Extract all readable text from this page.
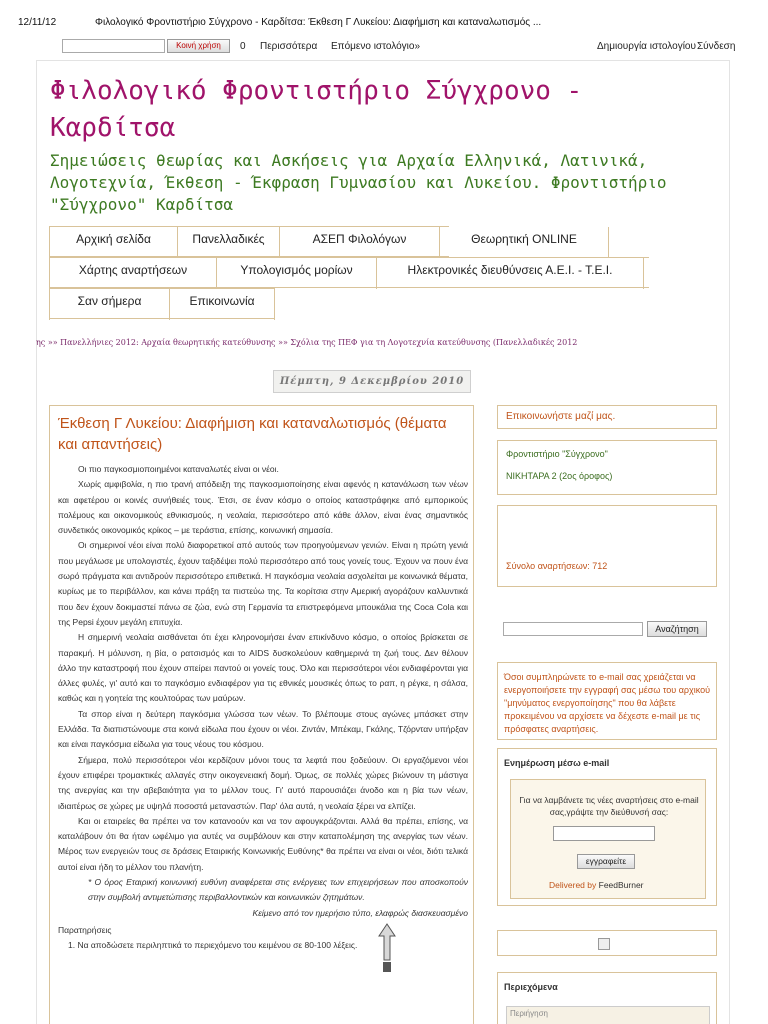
12/11/12	Φιλολογικό Φροντιστήριο Σύγχρονο - Καρδίτσα: Έκθεση Γ Λυκείου: Διαφήμιση και καταναλωτισμός ...
Κοινή χρήση	0 Περισσότερα Επόμενο ιστολόγιο»	Δημιουργία ιστολογίου Σύνδεση
Φιλολογικό Φροντιστήριο Σύγχρονο - Καρδίτσα
Σημειώσεις θεωρίας και Ασκήσεις για Αρχαία Ελληνικά, Λατινικά, Λογοτεχνία, Έκθεση - Έκφραση Γυμνασίου και Λυκείου. Φροντιστήριο "Σύγχρονο" Καρδίτσα
Αρχική σελίδα	Πανελλαδικές	ΑΣΕΠ Φιλολόγων	Θεωρητική ONLINE
Χάρτης αναρτήσεων	Υπολογισμός μορίων	Ηλεκτρονικές διευθύνσεις Α.Ε.Ι. - Τ.Ε.Ι.
Σαν σήμερα	Επικοινωνία
ης »» Πανελλήνιες 2012: Αρχαία θεωρητικής κατεύθυνσης »» Σχόλια της ΠΕΦ για τη Λογοτεχνία κατεύθυνσης (Πανελλαδικές 2012
Πέμπτη, 9 Δεκεμβρίου 2010
Έκθεση Γ Λυκείου: Διαφήμιση και καταναλωτισμός (θέματα και απαντήσεις)

Οι πιο παγκοσμιοποιημένοι καταναλωτές είναι οι νέοι.

Χωρίς αμφιβολία, η πιο τρανή απόδειξη της παγκοσμιοποίησης είναι αφενός η κατανάλωση των νέων και αφετέρου οι κοινές συνήθειές τους. Έτσι, σε έναν κόσμο ο οποίος καταστράφηκε από εμπορικούς πολέμους και οικονομικούς εθνικισμούς, η νεολαία, περισσότερο από κάθε άλλον, είναι ένας σημαντικός συνδετικός οικονομικός κρίκος – με τεράστια, επίσης, κοινωνική σημασία.

Οι σημερινοί νέοι είναι πολύ διαφορετικοί από αυτούς των προηγούμενων γενιών. Είναι η πρώτη γενιά που μεγάλωσε με υπολογιστές, έχουν ταξιδέψει πολύ περισσότερο από τους γονείς τους. Έχουν να πουν ένα σωρό πράγματα και αντιδρούν περισσότερο επιθετικά. Η παγκόσμια νεολαία ασχολείται με κοινωνικά θέματα, κυρίως με το περιβάλλον, και κάνει πράξη τα πιστεύω της. Τα κορίτσια στην Αμερική αγοράζουν καλλυντικά που δεν έχουν δοκιμαστεί πάνω σε ζώα, ενώ στη Γερμανία τα επιστρεφόμενα μπουκάλια της Coca Cola και της Pepsi έχουν μεγάλη επιτυχία.

Η σημερινή νεολαία αισθάνεται ότι έχει κληρονομήσει έναν επικίνδυνο κόσμο, ο οποίος βρίσκεται σε παρακμή. Η μόλυνση, η βία, ο ρατσισμός και το AIDS δυσκολεύουν καθημερινά τη ζωή τους. Δεν θέλουν άλλο την καταστροφή που έχουν σπείρει παντού οι γονείς τους. Όλο και περισσότεροι νέοι ενδιαφέρονται για άλλες φυλές, γι' αυτό και το παγκόσμιο ενδιαφέρον για τις εθνικές μουσικές όπως το ραπ, η ρέγκε, η σάλσα, καθώς και η γοητεία της κουλτούρας των μαύρων.

Τα σπορ είναι η δεύτερη παγκόσμια γλώσσα των νέων. Το βλέπουμε στους αγώνες μπάσκετ στην Ελλάδα. Τα διαπιστώνουμε στα κοινά είδωλα που έχουν οι νέοι. Ζιντάν, Μπέκαμ, Γκάλης, Τζόρνταν υπήρξαν και είναι παγκόσμια είδωλα για τους νέους του κόσμου.

Σήμερα, πολύ περισσότεροι νέοι κερδίζουν μόνοι τους τα λεφτά που ξοδεύουν. Οι εργαζόμενοι νέοι έχουν επιφέρει τρομακτικές αλλαγές στην οικογενειακή δομή. Όμως, σε πολλές χώρες βιώνουν τη μάστιγα της ανεργίας και την αβεβαιότητα για το μέλλον τους. Γι' αυτό παρουσιάζει άνοδο και η βία των νέων, ιδιαιτέρως σε χώρες με υψηλά ποσοστά μεταναστών. Παρ' όλα αυτά, η νεολαία ξέρει να ελπίζει.

Και οι εταιρείες θα πρέπει να τον κατανοούν και να τον αφουγκράζονται. Αλλά θα πρέπει, επίσης, να καταλάβουν ότι θα ήταν ωφέλιμο για αυτές να συμβάλουν και στην καταπολέμηση της ανεργίας των νέων. Μέρος των ενεργειών τους σε δράσεις Εταιρικής Κοινωνικής Ευθύνης* θα πρέπει να είναι οι νέοι, διότι τελικά αυτοί είναι ήδη το μέλλον του πλανήτη.

* Ο όρος Εταιρική κοινωνική ευθύνη αναφέρεται στις ενέργειες των επιχειρήσεων που αποσκοπούν στην συμβολή αντιμετώπισης περιβαλλοντικών και κοινωνικών ζητημάτων.
Κείμενο από τον ημερήσιο τύπο, ελαφρώς διασκευασμένο
Παρατηρήσεις
1. Να αποδώσετε περιληπτικά το περιεχόμενο του κειμένου σε 80-100 λέξεις.
Επικοινωνήστε μαζί μας.
Φροντιστήριο "Σύγχρονο"
ΝΙΚΗΤΑΡΑ 2 (2ος όροφος)
Σύνολο αναρτήσεων: 712
Αναζήτηση
Όσοι συμπληρώνετε το e-mail σας χρειάζεται να ενεργοποιήσετε την εγγραφή σας μέσω του αρχικού "μηνύματος ενεργοποίησης" που θα λάβετε προκειμένου να αρχίσετε να δέχεστε e-mail με τις πρόσφατες αναρτήσεις.
Ενημέρωση μέσω e-mail
Για να λαμβάνετε τις νέες αναρτήσεις στο e-mail σας,γράψτε την διεύθυνσή σας:
εγγραφείτε
Delivered by FeedBurner
Περιεχόμενα
Περιήγηση
